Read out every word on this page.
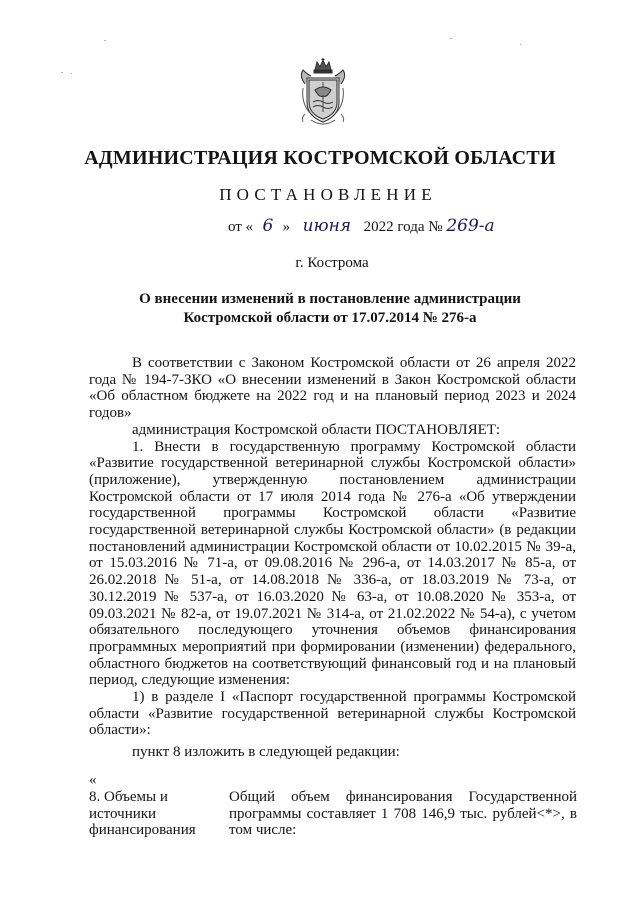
АДМИНИСТРАЦИЯ КОСТРОМСКОЙ ОБЛАСТИ
ПОСТАНОВЛЕНИЕ
от « 6 » июня 2022 года № 269-а
г. Кострома
О внесении изменений в постановление администрации
Костромской области от 17.07.2014 № 276-а

В соответствии с Законом Костромской области от 26 апреля 2022 года № 194-7-ЗКО «О внесении изменений в Закон Костромской области «Об областном бюджете на 2022 год и на плановый период 2023 и 2024 годов»

администрация Костромской области ПОСТАНОВЛЯЕТ:

1. Внести в государственную программу Костромской области «Развитие государственной ветеринарной службы Костромской области» (приложение), утвержденную постановлением администрации Костромской области от 17 июля 2014 года № 276-а «Об утверждении государственной программы Костромской области «Развитие государственной ветеринарной службы Костромской области» (в редакции постановлений администрации Костромской области от 10.02.2015 № 39-а, от 15.03.2016 № 71-а, от 09.08.2016 № 296-а, от 14.03.2017 № 85-а, от 26.02.2018 № 51-а, от 14.08.2018 № 336-а, от 18.03.2019 № 73-а, от 30.12.2019 № 537-а, от 16.03.2020 № 63-а, от 10.08.2020 № 353-а, от 09.03.2021 № 82-а, от 19.07.2021 № 314-а, от 21.02.2022 № 54-а), с учетом обязательного последующего уточнения объемов финансирования программных мероприятий при формировании (изменении) федерального, областного бюджетов на соответствующий финансовый год и на плановый период, следующие изменения:

1) в разделе I «Паспорт государственной программы Костромской области «Развитие государственной ветеринарной службы Костромской области»:

пункт 8 изложить в следующей редакции:

«
8. Объемы и источники финансирования
Общий объем финансирования Государственной программы составляет 1 708 146,9 тыс. рублей<*>, в том числе:
